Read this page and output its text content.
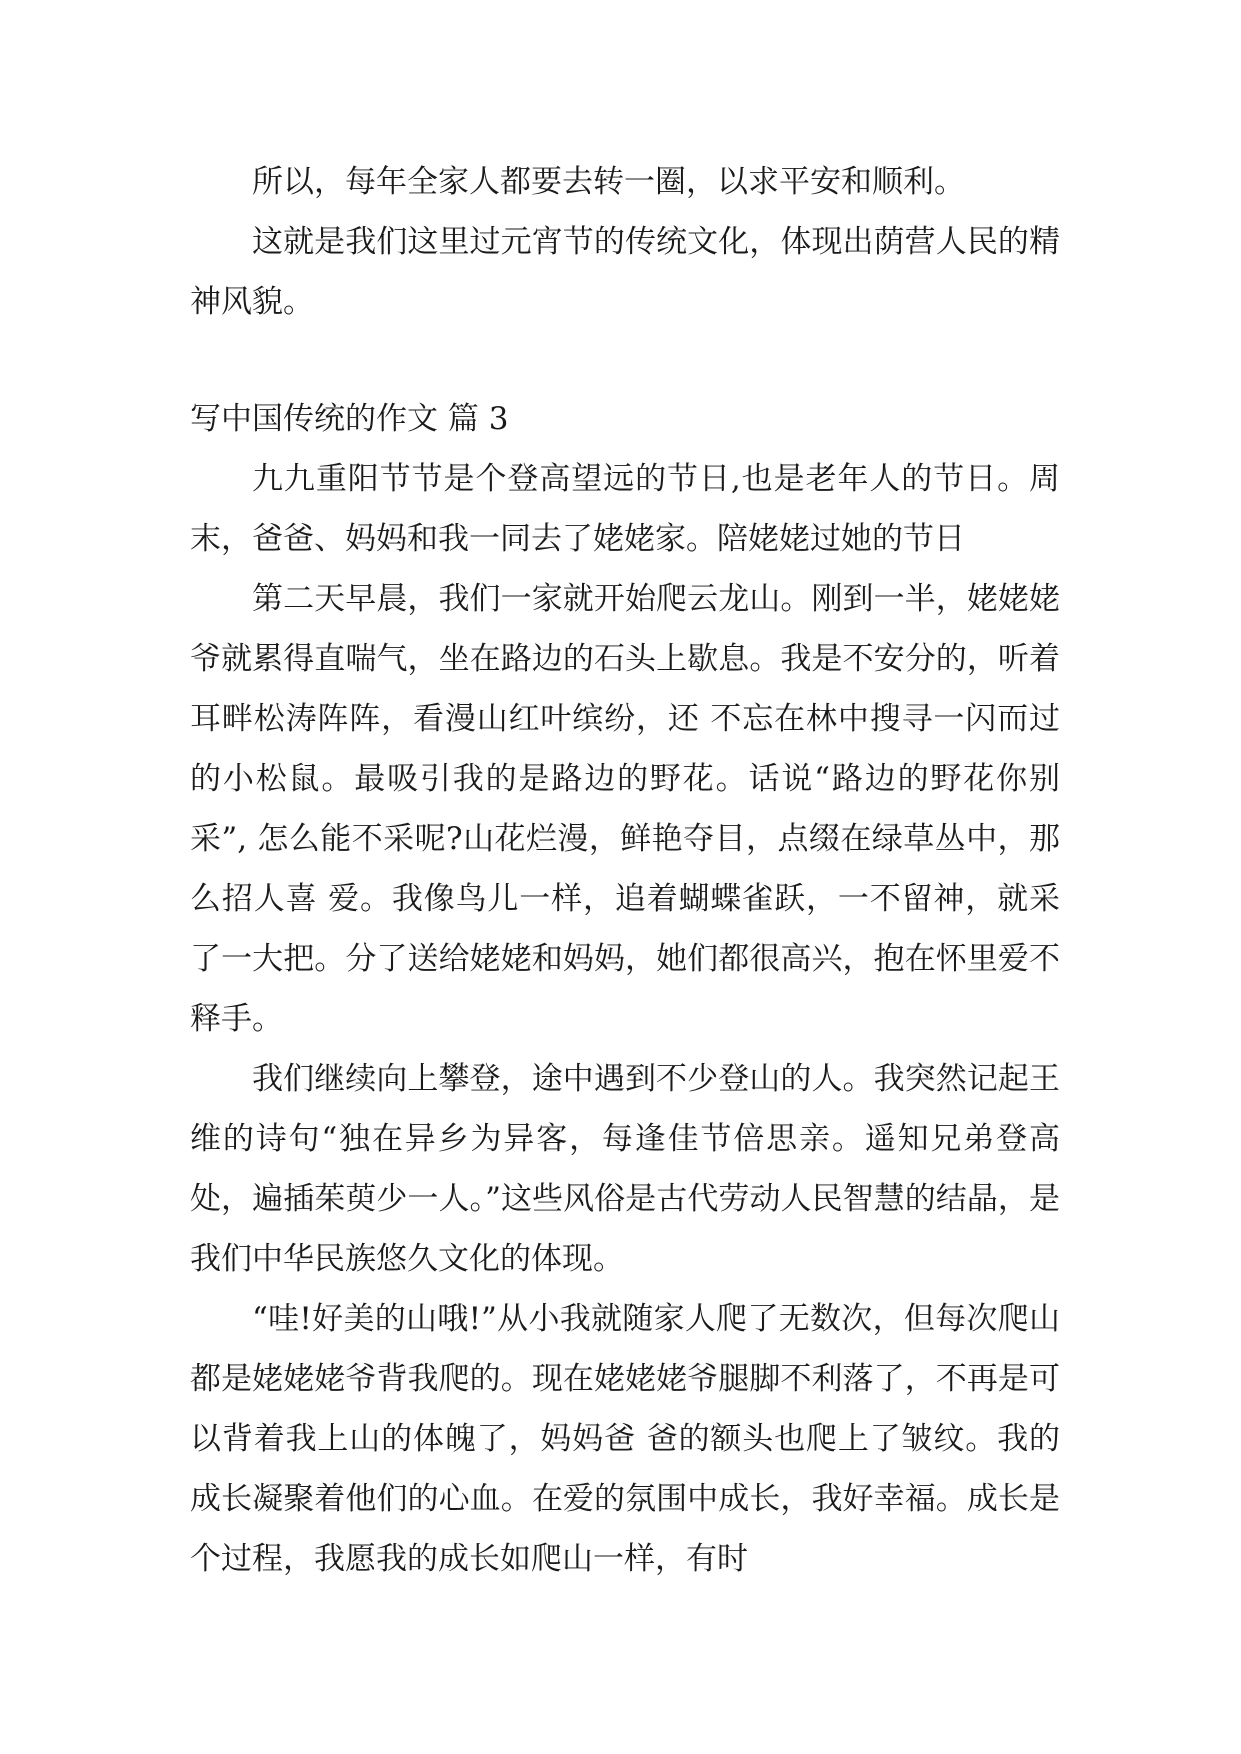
所以，每年全家人都要去转一圈，以求平安和顺利。

这就是我们这里过元宵节的传统文化，体现出荫营人民的精神风貌。

写中国传统的作文 篇 3

九九重阳节节是个登高望远的节日,也是老年人的节日。周末，爸爸、妈妈和我一同去了姥姥家。陪姥姥过她的节日

第二天早晨，我们一家就开始爬云龙山。刚到一半，姥姥姥爷就累得直喘气，坐在路边的石头上歇息。我是不安分的，听着耳畔松涛阵阵，看漫山红叶缤纷，还 不忘在林中搜寻一闪而过的小松鼠。最吸引我的是路边的野花。话说“路边的野花你别采”, 怎么能不采呢?山花烂漫，鲜艳夺目，点缀在绿草丛中，那么招人喜 爱。我像鸟儿一样，追着蝴蝶雀跃，一不留神，就采了一大把。分了送给姥姥和妈妈，她们都很高兴，抱在怀里爱不释手。

我们继续向上攀登，途中遇到不少登山的人。我突然记起王维的诗句“独在异乡为异客，每逢佳节倍思亲。遥知兄弟登高处，遍插茱萸少一人。”这些风俗是古代劳动人民智慧的结晶，是我们中华民族悠久文化的体现。

“哇!好美的山哦!”从小我就随家人爬了无数次，但每次爬山都是姥姥姥爷背我爬的。现在姥姥姥爷腿脚不利落了，不再是可以背着我上山的体魄了，妈妈爸 爸的额头也爬上了皱纹。我的成长凝聚着他们的心血。在爱的氛围中成长，我好幸福。成长是个过程，我愿我的成长如爬山一样，有时
